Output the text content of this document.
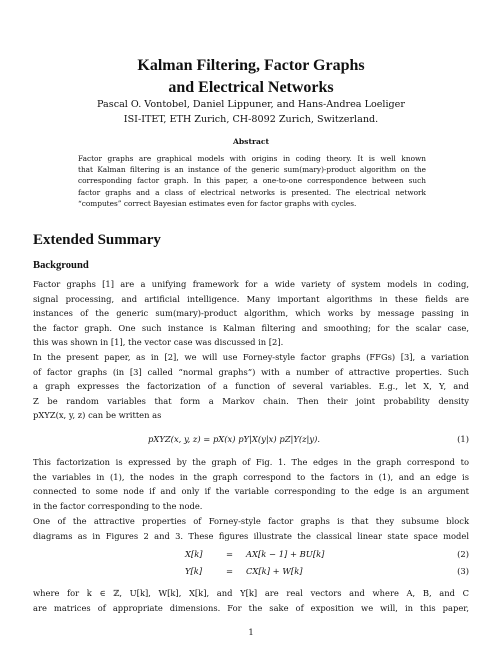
Kalman Filtering, Factor Graphs
and Electrical Networks
Pascal O. Vontobel, Daniel Lippuner, and Hans-Andrea Loeliger
ISI-ITET, ETH Zurich, CH-8092 Zurich, Switzerland.
Abstract
Factor graphs are graphical models with origins in coding theory. It is well known
that Kalman filtering is an instance of the generic sum(mary)-product algorithm on the
corresponding factor graph. In this paper, a one-to-one correspondence between such
factor graphs and a class of electrical networks is presented. The electrical network
“computes” correct Bayesian estimates even for factor graphs with cycles.
Extended Summary
Background
Factor graphs [1] are a unifying framework for a wide variety of system models in coding,
signal processing, and artificial intelligence. Many important algorithms in these fields are
instances of the generic sum(mary)-product algorithm, which works by message passing in
the factor graph. One such instance is Kalman filtering and smoothing; for the scalar case,
this was shown in [1], the vector case was discussed in [2].
In the present paper, as in [2], we will use Forney-style factor graphs (FFGs) [3], a variation
of factor graphs (in [3] called “normal graphs”) with a number of attractive properties. Such
a graph expresses the factorization of a function of several variables. E.g., let X, Y, and
Z be random variables that form a Markov chain. Then their joint probability density
pXYZ(x, y, z) can be written as
pXYZ(x, y, z) = pX(x) pY|X(y|x) pZ|Y(z|y).	(1)
This factorization is expressed by the graph of Fig. 1. The edges in the graph correspond to
the variables in (1), the nodes in the graph correspond to the factors in (1), and an edge is
connected to some node if and only if the variable corresponding to the edge is an argument
in the factor corresponding to the node.
One of the attractive properties of Forney-style factor graphs is that they subsume block
diagrams as in Figures 2 and 3. These figures illustrate the classical linear state space model
X[k]	= AX[k − 1] + BU[k]	(2)
Y[k]	= CX[k] + W[k]	(3)
where for k ∈ ℤ, U[k], W[k], X[k], and Y[k] are real vectors and where A, B, and C
are matrices of appropriate dimensions. For the sake of exposition we will, in this paper,
1
